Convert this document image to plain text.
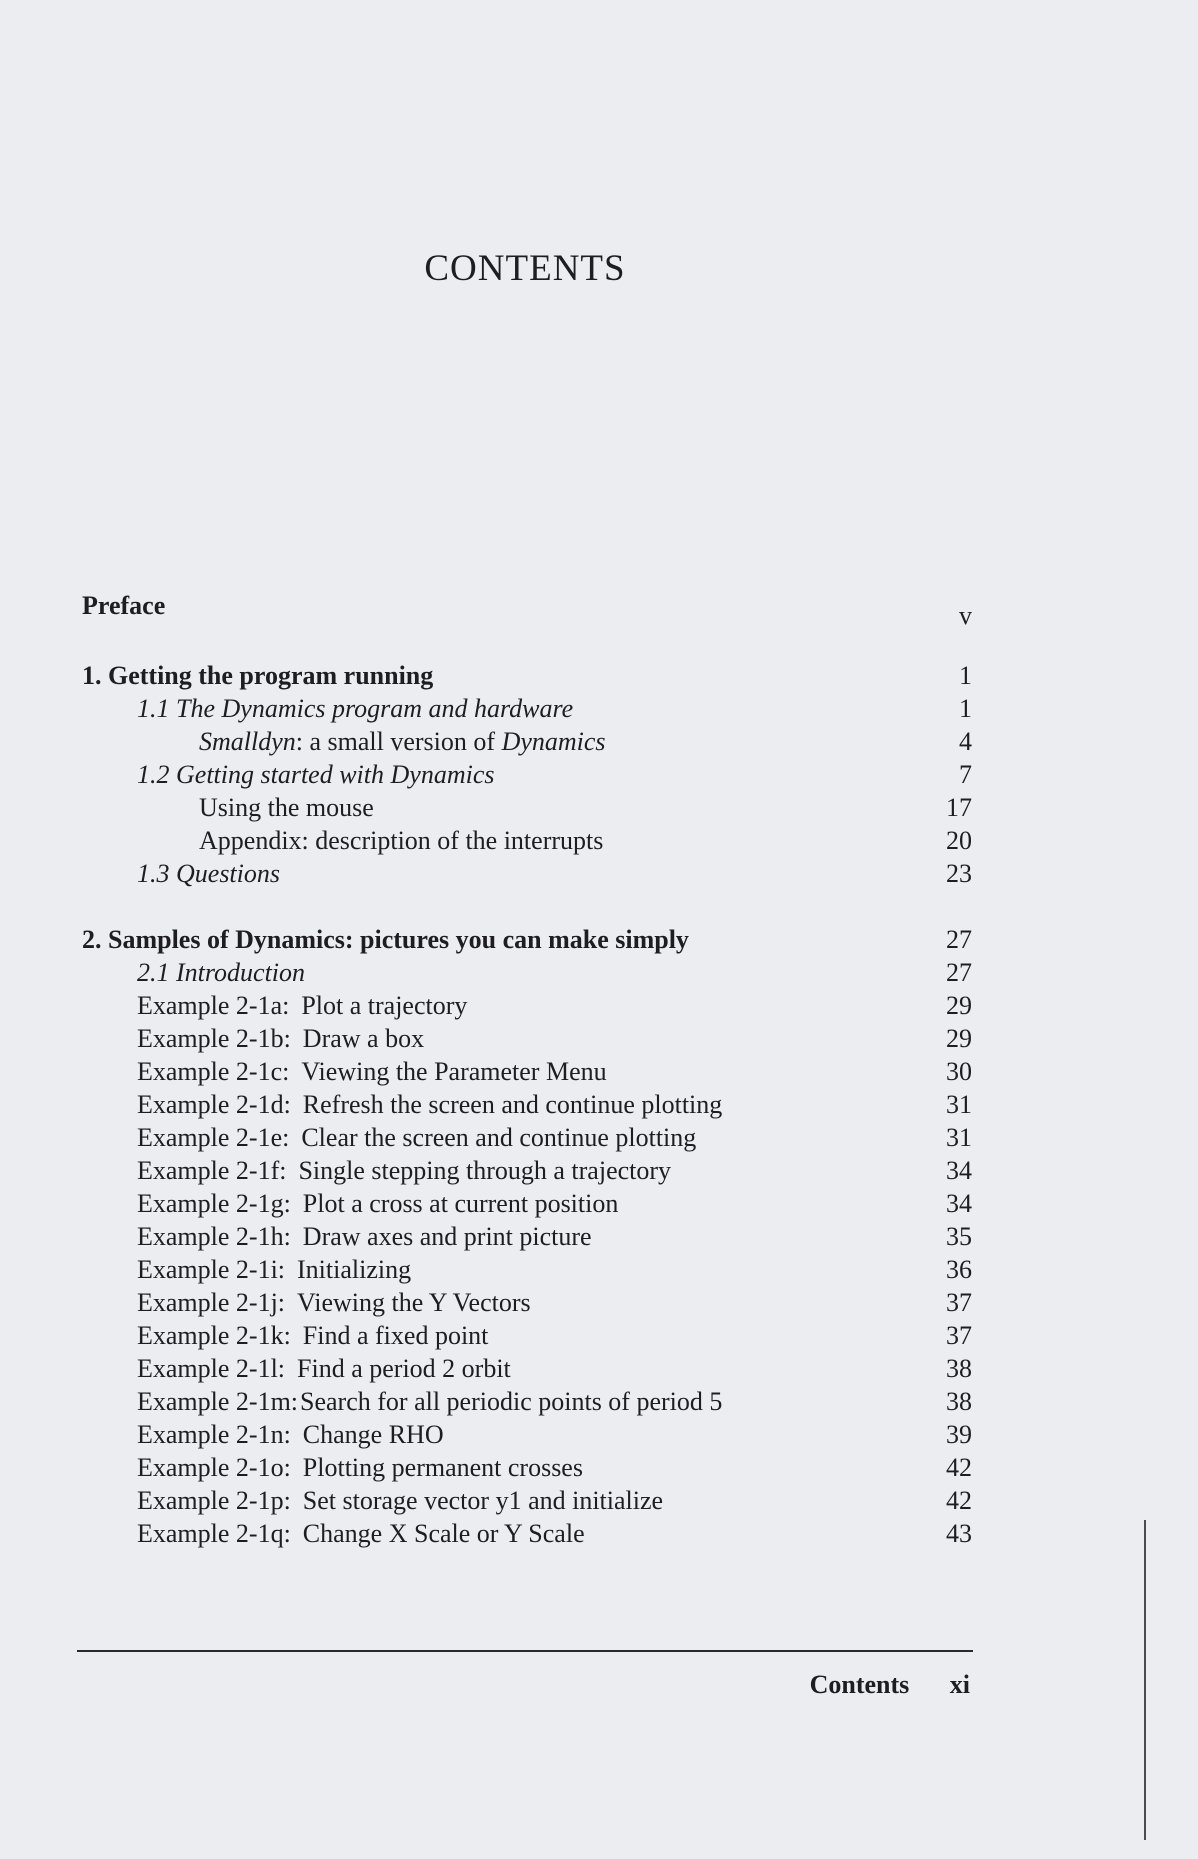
CONTENTS
Preface	v
1. Getting the program running	1
1.1 The Dynamics program and hardware	1
Smalldyn: a small version of Dynamics	4
1.2 Getting started with Dynamics	7
Using the mouse	17
Appendix: description of the interrupts	20
1.3 Questions	23
2. Samples of Dynamics: pictures you can make simply	27
2.1 Introduction	27
Example 2-1a: Plot a trajectory	29
Example 2-1b: Draw a box	29
Example 2-1c: Viewing the Parameter Menu	30
Example 2-1d: Refresh the screen and continue plotting	31
Example 2-1e: Clear the screen and continue plotting	31
Example 2-1f: Single stepping through a trajectory	34
Example 2-1g: Plot a cross at current position	34
Example 2-1h: Draw axes and print picture	35
Example 2-1i: Initializing	36
Example 2-1j: Viewing the Y Vectors	37
Example 2-1k: Find a fixed point	37
Example 2-1l: Find a period 2 orbit	38
Example 2-1m:Search for all periodic points of period 5	38
Example 2-1n: Change RHO	39
Example 2-1o: Plotting permanent crosses	42
Example 2-1p: Set storage vector y1 and initialize	42
Example 2-1q: Change X Scale or Y Scale	43
Contents xi
